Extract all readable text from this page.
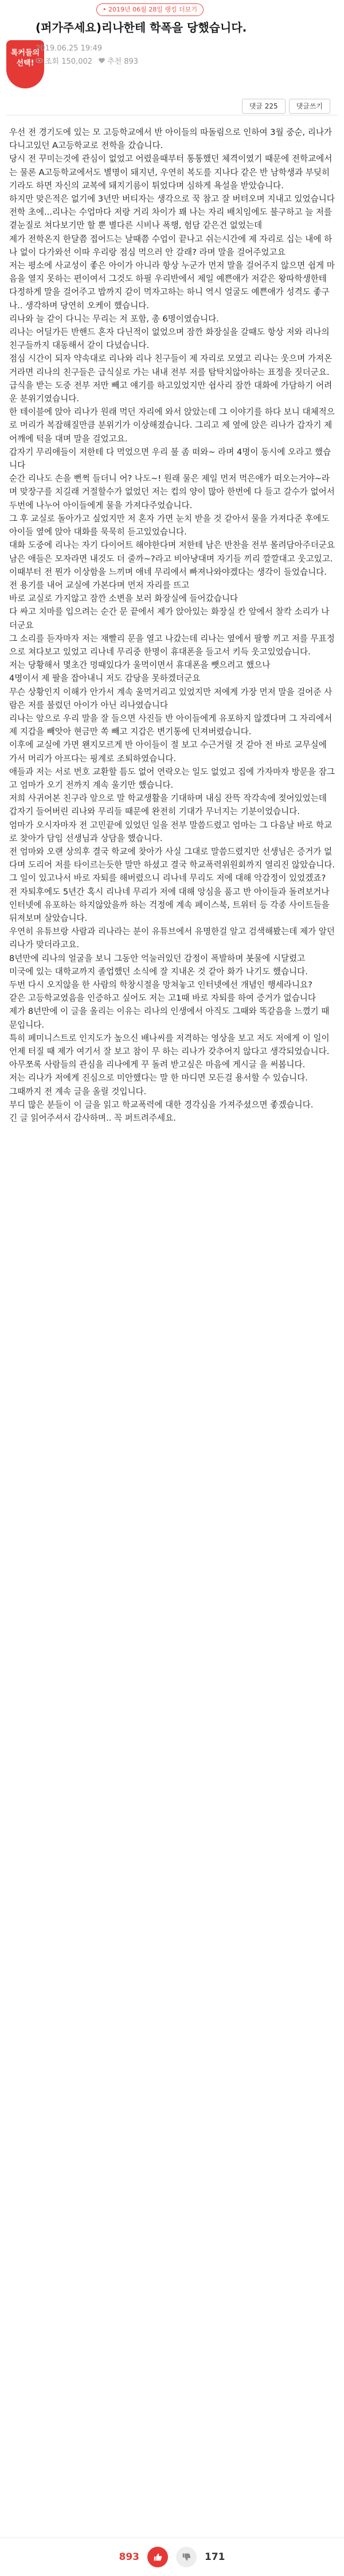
• 2019년 06월 28일 랭킹 더보기
톡커들의 선택!
(퍼가주세요)리나한테 학폭을 당했습니다.
2019.06.25 19:49
조회 150,002 추천 893
댓글 225	댓글쓰기

우선 전 경기도에 있는 모 고등학교에서 반 아이들의 따돌림으로 인하여 3월 중순, 리나가 다니고있던 A고등학교로 전학을 갔습니다.

당시 전 꾸미는것에 관심이 없었고 어렸을때부터 통통했던 체격이였기 때문에 전학교에서는 물론 A고등학교에서도 별명이 돼지년, 우연히 복도를 지나다 같은 반 남학생과 부딪히기라도 하면 자신의 교복에 돼지기름이 튀었다며 심하게 욕설을 받았습니다.

하지만 맞은적은 없기에 3년만 버티자는 생각으로 꾹 참고 잘 버텨오며 지내고 있었습니다

전학 초에...리나는 수업마다 저랑 거리 차이가 꽤 나는 자리 배치임에도 불구하고 늘 저를 곁눈질로 쳐다보기만 할 뿐 별다른 시비나 폭행, 험담 같은건 없었는데

제가 전학온지 한달쯤 접어드는 날때쯤 수업이 끝나고 쉬는시간에 제 자리로 십는 내에 하나 없이 다가와선 이따 우리랑 점심 먹으러 안 갈래? 라며 말을 걸어주었고요

저는 평소에 사교성이 좋은 아이가 아니라 항상 누군가 먼저 말을 걸어주지 않으면 쉽게 마음을 열지 못하는 편이여서 그것도 하필 우리반에서 제일 예쁜애가 저같은 왕따학생한테 다정하게 말을 걸어주고 밥까지 같이 먹자고하는 하니 역시 얼굴도 예쁜애가 성격도 좋구나.. 생각하며 당연히 오케이 했습니다.

리나와 늘 같이 다니는 무리는 저 포함, 총 6명이였습니다.

리나는 어딜가든 반핸드 혼자 다닌적이 없었으며 잠깐 화장실을 갈때도 항상 저와 리나의 친구들까지 대동해서 같이 다녔습니다.

점심 시간이 되자 약속대로 리나와 리나 친구들이 제 자리로 모였고 리나는 웃으며 가져온거라면 리나의 친구들은 급식실로 가는 내내 전부 저를 탐탁치않아하는 표정을 짓더군요.

급식을 받는 도중 전부 저만 빼고 얘기를 하고있었지만 쉽사리 잠깐 대화에 가담하기 어려운 분위기였습니다.

한 테이블에 앉아 리나가 원래 먹던 자리에 와서 앉았는데 그 이야기를 하다 보니 대체적으로 머리가 복잡해질만큼 분위기가 이상해졌습니다. 그리고 제 옆에 앉은 리나가 갑자기 제 어깨에 턱을 대며 말을 걸었고요.

갑자기 무리애들이 저한테 다 먹었으면 우리 불 좀 떠와~ 라며 4명이 동시에 오라고 했습니다

순간 리나도 손을 뻔쩍 들더니 어? 나도~! 원래 물은 제일 먼저 먹은애가 떠오는거야~라며 맞장구를 치길래 거절할수가 없었던 저는 컵의 양이 많아 한번에 다 들고 갈수가 없어서 두번에 나누어 아이들에게 물을 가져다주었습니다.

그 후 교실로 돌아가고 싶었지만 저 혼자 가면 눈치 받을 것 같아서 물을 가져다준 후에도 아이들 옆에 앉아 대화를 묵묵히 듣고있었습니다.

대화 도중에 리나는 자기 다이어트 해야한다며 저한테 남은 반찬을 전부 몰려담아주더군요

남은 애들은 모자라면 내것도 더 줄까~?라고 비아냥대며 자기들 끼리 깔깔대고 웃고있고.

이때부터 전 뭔가 이상함을 느끼며 애네 무리에서 빠져나와야겠다는 생각이 들었습니다.

전 용기를 내어 교실에 가본다며 먼저 자리를 뜨고

바로 교실로 가지않고 잠깐 소변을 보러 화장실에 들어갔습니다

다 싸고 치마를 입으려는 순간 문 끝에서 제가 앉아있는 화장실 칸 앞에서 찰칵 소리가 나더군요

그 소리를 듣자마자 저는 재빨리 문을 열고 나갔는데 리나는 옆에서 팔짱 끼고 저를 무표정으로 쳐다보고 있었고 리나네 무리중 한명이 휴대폰을 들고서 키득 웃고있었습니다.

저는 당황해서 몇초간 멍때있다가 울먹이면서 휴대폰을 뺏으려고 했으나

4명이서 제 팔을 잡아내니 저도 감당을 못하겠더군요

무슨 상황인지 이해가 안가서 계속 울먹거리고 있었지만 저에게 가장 먼저 말을 걸어준 사람은 저를 불렀던 아이가 아닌 리나였습니다

리나는 앞으로 우리 말을 잘 들으면 사진들 반 아이들에게 유포하지 않겠다며 그 자리에서 제 지갑을 빼앗아 현금만 쏙 빼고 지갑은 변기통에 던져버렸습니다.

이후에 교실에 가면 왠지모르게 반 아이들이 절 보고 수근거릴 것 같아 전 바로 교무실에 가서 머리가 아프다는 핑계로 조퇴하였습니다.

애들과 저는 서로 번호 교환할 틈도 없어 연락오는 일도 없었고 집에 가자마자 방문을 잠그고 엄마가 오기 전까지 계속 울기만 했습니다.

저희 사귀어본 친구라 앞으로 말 학교생활을 기대하며 내심 잔뜩 작각속에 젖어있었는데 갑자기 들어버린 리나와 무리들 때문에 완전히 기대가 무너지는 기분이었습니다.

엄마가 오시자마자 전 고민끝에 있었던 일을 전부 말씀드렸고 엄마는 그 다음날 바로 학교로 찾아가 담임 선생님과 상담을 했습니다.

전 엄마와 오랜 상의후 결국 학교에 찾아가 사실 그대로 말씀드렸지만 선생님은 증거가 없다며 도리어 저를 타이르는듯한 말만 하셨고 결국 학교폭력위원회까지 열리진 않았습니다.

그 일이 있고나서 바로 자퇴를 해버렸으니 리나네 무리도 저에 대해 악감정이 있었겠죠?

전 자퇴후에도 5년간 혹시 리나네 무리가 저에 대해 앙심을 품고 반 아이들과 돌려보거나 인터넷에 유포하는 하지않았을까 하는 걱정에 계속 페이스북, 트위터 등 각종 사이트들을 뒤져보며 살았습니다.

우연히 유튜브랑 사람과 리나라는 분이 유튜브에서 유명한걸 알고 검색해봤는데 제가 알던 리나가 맞더라고요.

8년만에 리나의 얼굴을 보니 그동안 억눌러있던 감정이 폭발하며 봇물에 시달렸고

미국에 있는 대학교까지 졸업했던 소식에 잘 지내온 것 같아 화가 나기도 했습니다.

두번 다시 오지않을 한 사람의 학창시절을 망쳐놓고 인터넷에선 개념인 행세라니요?

같은 고등학교였음을 인증하고 싶어도 저는 고1때 바로 자퇴를 하여 증거가 없습니다

제가 8년만에 이 글을 올리는 이유는 리나의 인생에서 아직도 그때와 똑같음을 느꼈기 때문입니다.

특히 페미니스트로 인지도가 높으신 배나씨를 저격하는 영상을 보고 저도 저에게 이 일이 언제 터질 때 제가 여기서 잘 보고 참이 무 하는 리나가 갖추어지 않다고 생각되었습니다. 아무쪼록 사람들의 관심을 리나에게 꾸 돌려 받고싶은 마음에 게시글 을 써봅니다.

저는 리나가 저에게 진심으로 미안했다는 말 한 마디면 모든걸 용서할 수 있습니다.

그때까지 전 계속 글을 올릴 것입니다.

부디 많은 분들이 이 글을 읽고 학교폭력에 대한 경각심을 가져주셨으면 좋겠습니다.

긴 글 읽어주셔서 감사하며.. 꼭 퍼트려주세요.

893	171
